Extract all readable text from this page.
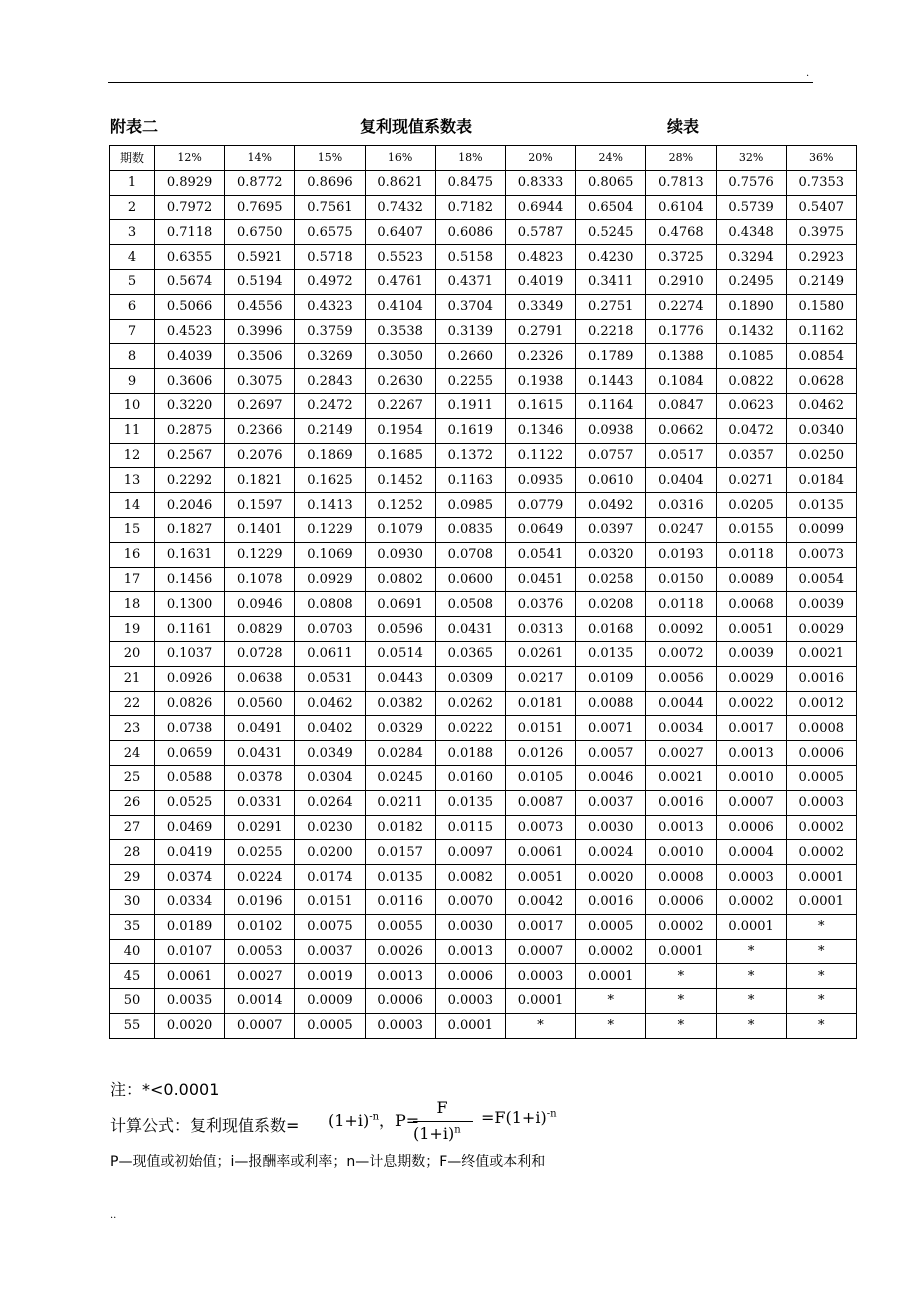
.
附表二	复利现值系数表	续表
期数	12%	14%	15%	16%	18%	20%	24%	28%	32%	36%
1	0.8929	0.8772	0.8696	0.8621	0.8475	0.8333	0.8065	0.7813	0.7576	0.7353
2	0.7972	0.7695	0.7561	0.7432	0.7182	0.6944	0.6504	0.6104	0.5739	0.5407
3	0.7118	0.6750	0.6575	0.6407	0.6086	0.5787	0.5245	0.4768	0.4348	0.3975
4	0.6355	0.5921	0.5718	0.5523	0.5158	0.4823	0.4230	0.3725	0.3294	0.2923
5	0.5674	0.5194	0.4972	0.4761	0.4371	0.4019	0.3411	0.2910	0.2495	0.2149
6	0.5066	0.4556	0.4323	0.4104	0.3704	0.3349	0.2751	0.2274	0.1890	0.1580
7	0.4523	0.3996	0.3759	0.3538	0.3139	0.2791	0.2218	0.1776	0.1432	0.1162
8	0.4039	0.3506	0.3269	0.3050	0.2660	0.2326	0.1789	0.1388	0.1085	0.0854
9	0.3606	0.3075	0.2843	0.2630	0.2255	0.1938	0.1443	0.1084	0.0822	0.0628
10	0.3220	0.2697	0.2472	0.2267	0.1911	0.1615	0.1164	0.0847	0.0623	0.0462
11	0.2875	0.2366	0.2149	0.1954	0.1619	0.1346	0.0938	0.0662	0.0472	0.0340
12	0.2567	0.2076	0.1869	0.1685	0.1372	0.1122	0.0757	0.0517	0.0357	0.0250
13	0.2292	0.1821	0.1625	0.1452	0.1163	0.0935	0.0610	0.0404	0.0271	0.0184
14	0.2046	0.1597	0.1413	0.1252	0.0985	0.0779	0.0492	0.0316	0.0205	0.0135
15	0.1827	0.1401	0.1229	0.1079	0.0835	0.0649	0.0397	0.0247	0.0155	0.0099
16	0.1631	0.1229	0.1069	0.0930	0.0708	0.0541	0.0320	0.0193	0.0118	0.0073
17	0.1456	0.1078	0.0929	0.0802	0.0600	0.0451	0.0258	0.0150	0.0089	0.0054
18	0.1300	0.0946	0.0808	0.0691	0.0508	0.0376	0.0208	0.0118	0.0068	0.0039
19	0.1161	0.0829	0.0703	0.0596	0.0431	0.0313	0.0168	0.0092	0.0051	0.0029
20	0.1037	0.0728	0.0611	0.0514	0.0365	0.0261	0.0135	0.0072	0.0039	0.0021
21	0.0926	0.0638	0.0531	0.0443	0.0309	0.0217	0.0109	0.0056	0.0029	0.0016
22	0.0826	0.0560	0.0462	0.0382	0.0262	0.0181	0.0088	0.0044	0.0022	0.0012
23	0.0738	0.0491	0.0402	0.0329	0.0222	0.0151	0.0071	0.0034	0.0017	0.0008
24	0.0659	0.0431	0.0349	0.0284	0.0188	0.0126	0.0057	0.0027	0.0013	0.0006
25	0.0588	0.0378	0.0304	0.0245	0.0160	0.0105	0.0046	0.0021	0.0010	0.0005
26	0.0525	0.0331	0.0264	0.0211	0.0135	0.0087	0.0037	0.0016	0.0007	0.0003
27	0.0469	0.0291	0.0230	0.0182	0.0115	0.0073	0.0030	0.0013	0.0006	0.0002
28	0.0419	0.0255	0.0200	0.0157	0.0097	0.0061	0.0024	0.0010	0.0004	0.0002
29	0.0374	0.0224	0.0174	0.0135	0.0082	0.0051	0.0020	0.0008	0.0003	0.0001
30	0.0334	0.0196	0.0151	0.0116	0.0070	0.0042	0.0016	0.0006	0.0002	0.0001
35	0.0189	0.0102	0.0075	0.0055	0.0030	0.0017	0.0005	0.0002	0.0001	*
40	0.0107	0.0053	0.0037	0.0026	0.0013	0.0007	0.0002	0.0001	*	*
45	0.0061	0.0027	0.0019	0.0013	0.0006	0.0003	0.0001	*	*	*
50	0.0035	0.0014	0.0009	0.0006	0.0003	0.0001	*	*	*	*
55	0.0020	0.0007	0.0005	0.0003	0.0001	*	*	*	*	*
注：*<0.0001
计算公式：复利现值系数= $(1+i)^{-n}$，P=
F
$(1+i)^n$
$=F(1+i)^{-n}$
P—现值或初始值；i—报酬率或利率；n—计息期数；F—终值或本利和
..
